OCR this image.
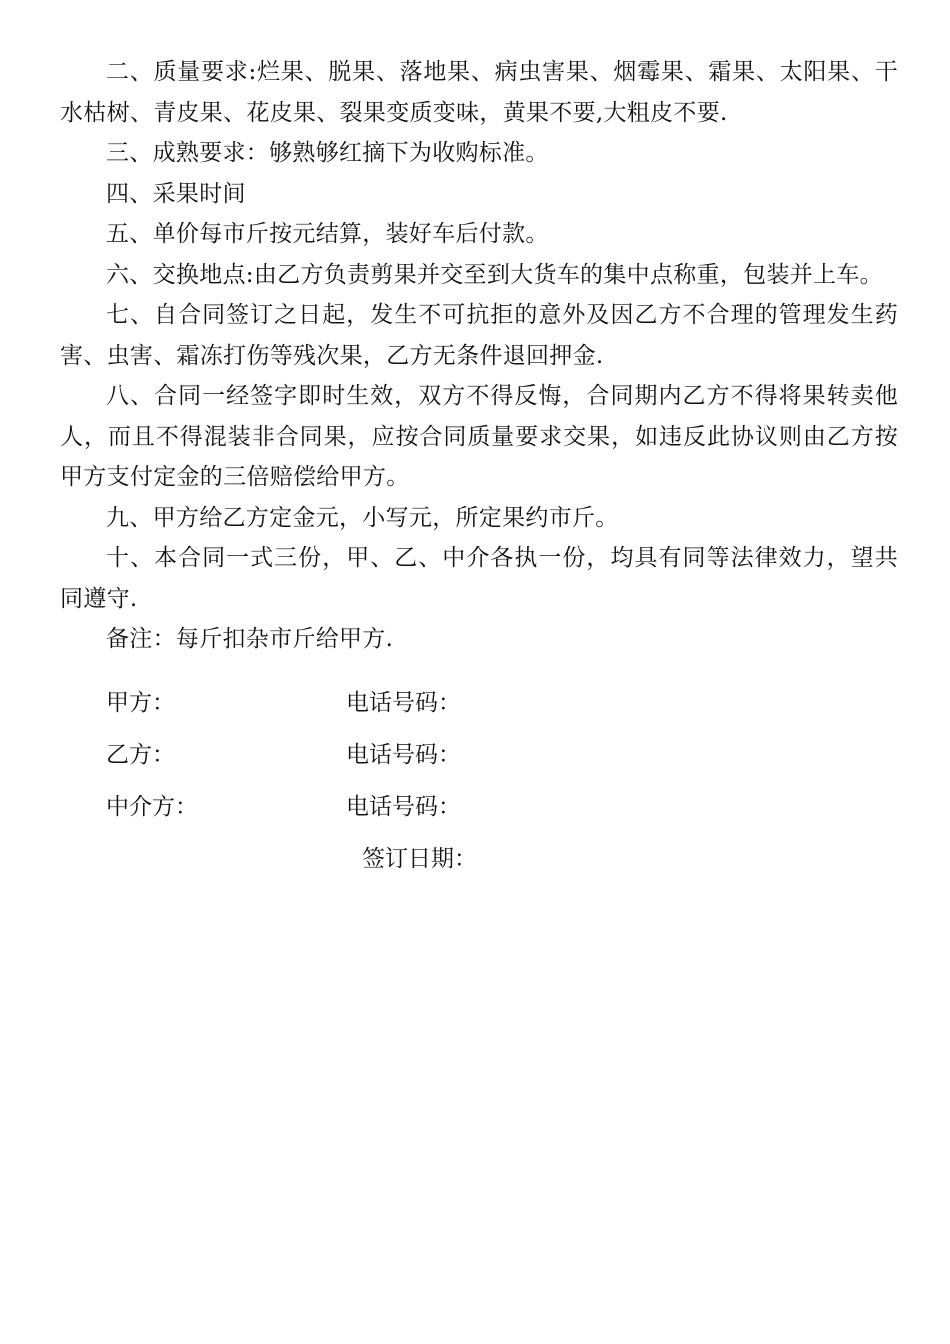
二、质量要求:烂果、脱果、落地果、病虫害果、烟霉果、霜果、太阳果、干水枯树、青皮果、花皮果、裂果变质变味，黄果不要,大粗皮不要.

三、成熟要求：够熟够红摘下为收购标准。

四、采果时间

五、单价每市斤按元结算，装好车后付款。

六、交换地点:由乙方负责剪果并交至到大货车的集中点称重，包装并上车。

七、自合同签订之日起，发生不可抗拒的意外及因乙方不合理的管理发生药害、虫害、霜冻打伤等残次果，乙方无条件退回押金.

八、合同一经签字即时生效，双方不得反悔，合同期内乙方不得将果转卖他人，而且不得混装非合同果，应按合同质量要求交果，如违反此协议则由乙方按甲方支付定金的三倍赔偿给甲方。

九、甲方给乙方定金元，小写元，所定果约市斤。

十、本合同一式三份，甲、乙、中介各执一份，均具有同等法律效力，望共同遵守.

备注：每斤扣杂市斤给甲方.

甲方：	电话号码：
乙方：	电话号码：
中介方：	电话号码：
签订日期：
